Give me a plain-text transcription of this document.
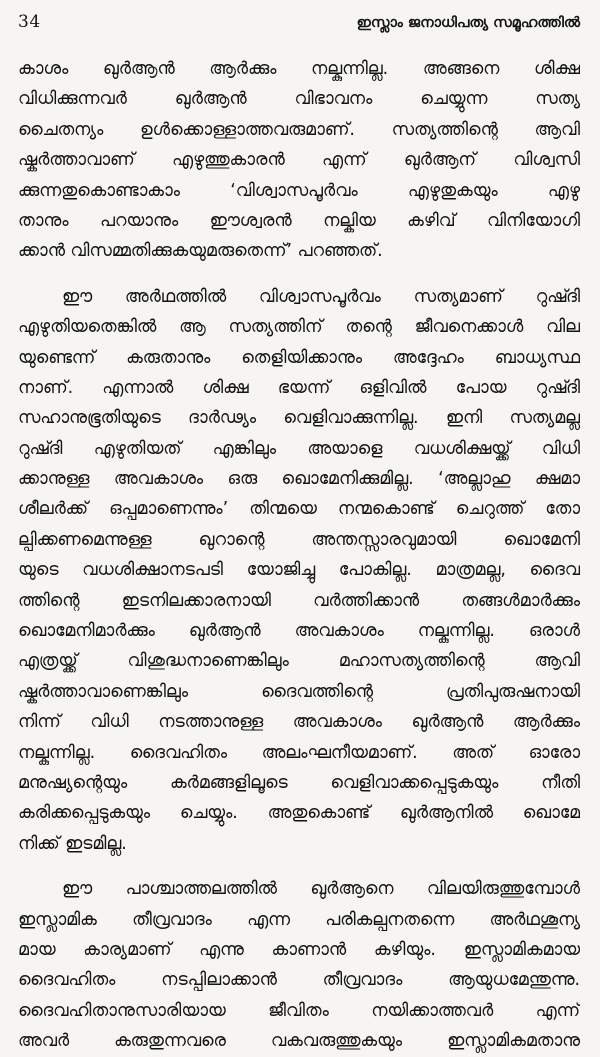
34	ഇസ്ലാം ജനാധിപത്യ സമൂഹത്തിൽ

കാശം ഖുർആൻ ആർക്കും നല്കുന്നില്ല. അങ്ങനെ ശിക്ഷ

വിധിക്കുന്നവർ ഖുർആൻ വിഭാവനം ചെയ്യുന്ന സത്യ

ചൈതന്യം ഉൾക്കൊള്ളാത്തവരുമാണ്. സത്യത്തിന്റെ ആവി

ഷ്കർത്താവാണ് എഴുത്തുകാരൻ എന്ന് ഖുർആന് വിശ്വസി

ക്കുന്നതുകൊണ്ടാകാം ‘വിശ്വാസപൂർവം എഴുതുകയും എഴു

താനും പറയാനും ഈശ്വരൻ നല്കിയ കഴിവ് വിനിയോഗി

ക്കാൻ വിസമ്മതിക്കുകയുമരുതെന്ന്’ പറഞ്ഞത്.

ഈ അർഥത്തിൽ വിശ്വാസപൂർവം സത്യമാണ് റുഷ്ദി

എഴുതിയതെങ്കിൽ ആ സത്യത്തിന് തന്റെ ജീവനെക്കാൾ വില

യുണ്ടെന്ന് കരുതാനും തെളിയിക്കാനും അദ്ദേഹം ബാധ്യസ്ഥ

നാണ്. എന്നാൽ ശിക്ഷ ഭയന്ന് ഒളിവിൽ പോയ റുഷ്ദി

സഹാനുഭൂതിയുടെ ദാർഢ്യം വെളിവാക്കുന്നില്ല. ഇനി സത്യമല്ല

റുഷ്ദി എഴുതിയത് എങ്കിലും അയാളെ വധശിക്ഷയ്ക്ക് വിധി

ക്കാനുള്ള അവകാശം ഒരു ഖൊമേനിക്കുമില്ല. ‘അല്ലാഹു ക്ഷമാ

ശീലർക്ക് ഒപ്പമാണെന്നും’ തിന്മയെ നന്മകൊണ്ട് ചെറുത്ത് തോ

ല്പിക്കണമെന്നുള്ള ഖുറാന്റെ അന്തസ്സാരവുമായി ഖൊമേനി

യുടെ വധശിക്ഷാനടപടി യോജിച്ചു പോകില്ല. മാത്രമല്ല, ദൈവ

ത്തിന്റെ ഇടനിലക്കാരനായി വർത്തിക്കാൻ തങ്ങൾമാർക്കും

ഖൊമേനിമാർക്കും ഖുർആൻ അവകാശം നല്കുന്നില്ല. ഒരാൾ

എത്രയ്ക്ക് വിശുദ്ധനാണെങ്കിലും മഹാസത്യത്തിന്റെ ആവി

ഷ്കർത്താവാണെങ്കിലും ദൈവത്തിന്റെ പ്രതിപുരുഷനായി

നിന്ന് വിധി നടത്താനുള്ള അവകാശം ഖുർആൻ ആർക്കും

നല്കുന്നില്ല. ദൈവഹിതം അലംഘനീയമാണ്. അത് ഓരോ

മനുഷ്യന്റെയും കർമങ്ങളിലൂടെ വെളിവാക്കപ്പെടുകയും നീതി

കരിക്കപ്പെടുകയും ചെയ്യും. അതുകൊണ്ട് ഖുർആനിൽ ഖൊമേ

നിക്ക് ഇടമില്ല.

ഈ പാശ്ചാത്തലത്തിൽ ഖുർആനെ വിലയിരുത്തുമ്പോൾ

ഇസ്ലാമിക തീവ്രവാദം എന്ന പരികല്പനതന്നെ അർഥശൂന്യ

മായ കാര്യമാണ് എന്നു കാണാൻ കഴിയും. ഇസ്ലാമികമായ

ദൈവഹിതം നടപ്പിലാക്കാൻ തീവ്രവാദം ആയുധമേന്തുന്നു.

ദൈവഹിതാനുസാരിയായ ജീവിതം നയിക്കാത്തവർ എന്ന്

അവർ കരുതുന്നവരെ വകവരുത്തുകയും ഇസ്ലാമികമതാനു
